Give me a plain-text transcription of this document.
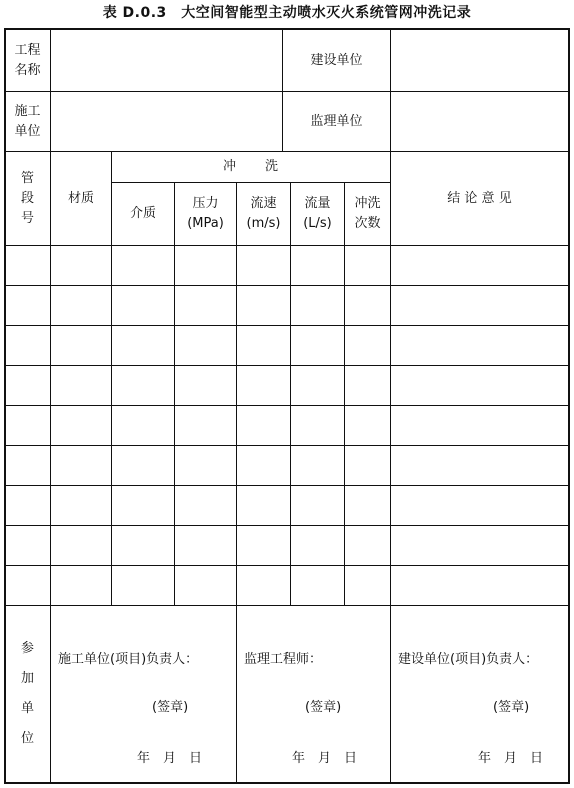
表 D.0.3　大空间智能型主动喷水灭火系统管网冲洗记录
工程
名称
建设单位
施工
单位
监理单位
管
段
号
材质
冲　　洗
介质
压力
(MPa)
流速
(m/s)
流量
(L/s)
冲洗
次数
结 论 意 见
参
加
单
位
施工单位(项目)负责人：
(签章)
年　月　日
监理工程师：
(签章)
年　月　日
建设单位(项目)负责人：
(签章)
年　月　日
